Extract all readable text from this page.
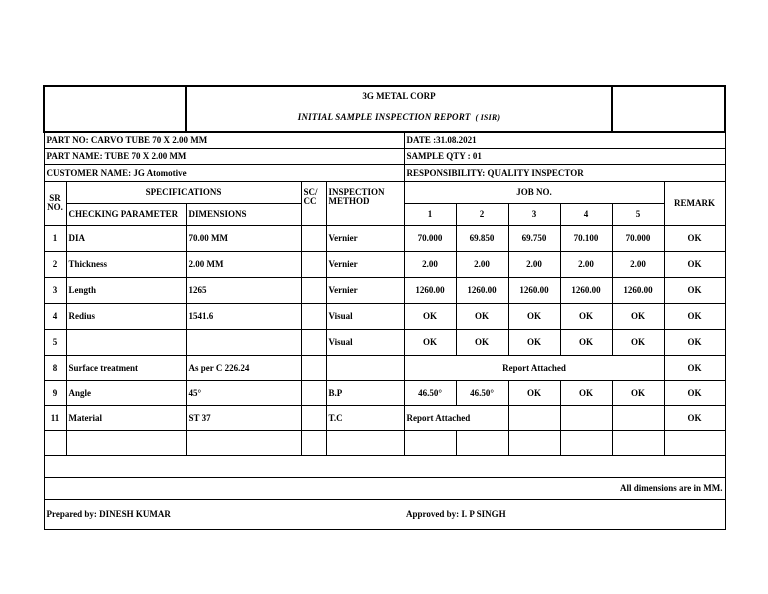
		3G METAL CORP								
		INITIAL SAMPLE INSPECTION REPORT ( ISIR)								
PART NO: CARVO TUBE 70 X 2.00 MM					DATE :31.08.2021					
PART NAME: TUBE 70 X 2.00 MM					SAMPLE QTY : 01					
CUSTOMER NAME: JG Atomotive					RESPONSIBILITY: QUALITY INSPECTOR					
SR NO.	SPECIFICATIONS		SC/ CC	INSPECTION METHOD	JOB NO.					REMARK
	CHECKING PARAMETER	DIMENSIONS			1	2	3	4	5	
1	DIA	70.00 MM		Vernier	70.000	69.850	69.750	70.100	70.000	OK
2	Thickness	2.00 MM		Vernier	2.00	2.00	2.00	2.00	2.00	OK
3	Length	1265		Vernier	1260.00	1260.00	1260.00	1260.00	1260.00	OK
4	Redius	1541.6		Visual	OK	OK	OK	OK	OK	OK
5				Visual	OK	OK	OK	OK	OK	OK
8	Surface treatment	As per C 226.24			Report Attached					OK
9	Angle	45°		B.P	46.50°	46.50°	OK	OK	OK	OK
11	Material	ST 37		T.C	Report Attached					OK

All dimensions are in MM.										
Prepared by: DINESH KUMAR					Approved by: I. P SINGH					
